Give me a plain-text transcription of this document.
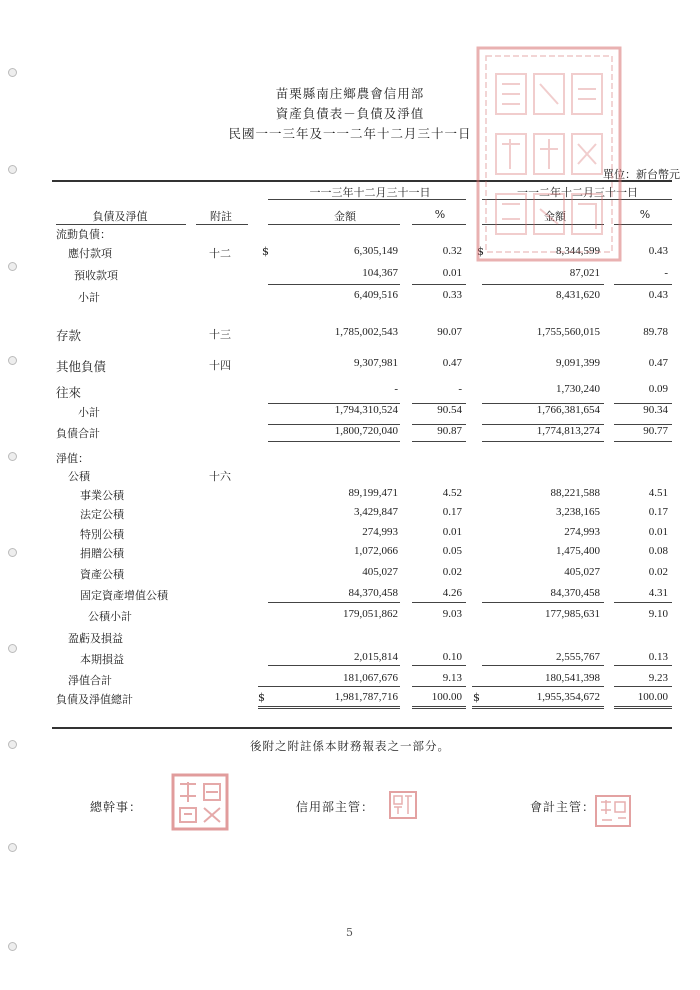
苗栗縣南庄鄉農會信用部
資產負債表－負債及淨值
民國一一三年及一一二年十二月三十一日
單位：新台幣元
一一三年十二月三十一日	一一二年十二月三十一日
負債及淨值	附註	金額	%	金額	%
流動負債：
應付款項	十二	$	6,305,149	0.32 $	8,344,599	0.43
預收款項	104,367	0.01	87,021	-
小計	6,409,516	0.33	8,431,620	0.43
存款	十三	1,785,002,543	90.07	1,755,560,015	89.78
其他負債	十四	9,307,981	0.47	9,091,399	0.47
往來	-	-	1,730,240	0.09
小計	1,794,310,524	90.54	1,766,381,654	90.34
負債合計	1,800,720,040	90.87	1,774,813,274	90.77
淨值：
公積	十六
事業公積	89,199,471	4.52	88,221,588	4.51
法定公積	3,429,847	0.17	3,238,165	0.17
特別公積	274,993	0.01	274,993	0.01
捐贈公積	1,072,066	0.05	1,475,400	0.08
資產公積	405,027	0.02	405,027	0.02
固定資產增值公積	84,370,458	4.26	84,370,458	4.31
公積小計	179,051,862	9.03	177,985,631	9.10
盈虧及損益
本期損益	2,015,814	0.10	2,555,767	0.13
淨值合計	181,067,676	9.13	180,541,398	9.23
負債及淨值總計	$	1,981,787,716	100.00 $	1,955,354,672	100.00
後附之附註係本財務報表之一部分。
總幹事：	信用部主管：	會計主管：
5
